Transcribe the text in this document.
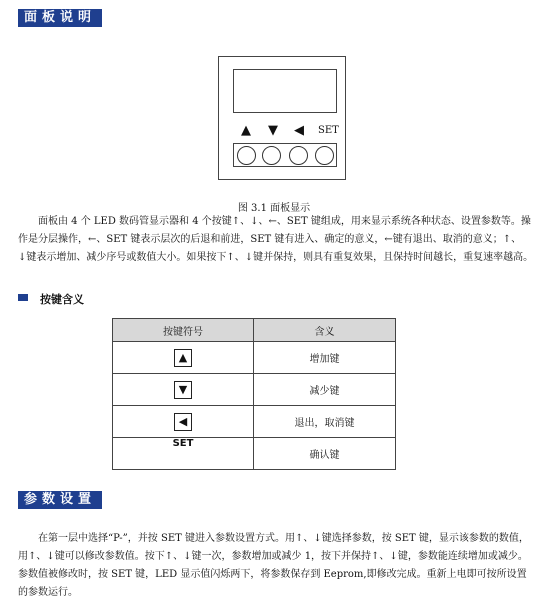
面板说明
▲ ▼ ◀ SET
图 3.1 面板显示
面板由 4 个 LED 数码管显示器和 4 个按键↑、↓、←、SET 键组成，用来显示系统各种状态、设置参数等。操
作是分层操作，←、SET 键表示层次的后退和前进，SET 键有进入、确定的意义，←键有退出、取消的意义；↑、
↓键表示增加、减少序号或数值大小。如果按下↑、↓键并保持，则具有重复效果，且保持时间越长，重复速率越高。
按键含义
按键符号	含义
▲	增加键
▼	减少键
◀	退出，取消键
SET	确认键
参数设置
在第一层中选择“P-”，并按 SET 键进入参数设置方式。用↑、↓键选择参数，按 SET 键，显示该参数的数值，
用↑、↓键可以修改参数值。按下↑、↓键一次，参数增加或减少 1，按下并保持↑、↓键，参数能连续增加或减少。
参数值被修改时，按 SET 键，LED 显示值闪烁两下，将参数保存到 Eeprom,即修改完成。重新上电即可按所设置
的参数运行。
